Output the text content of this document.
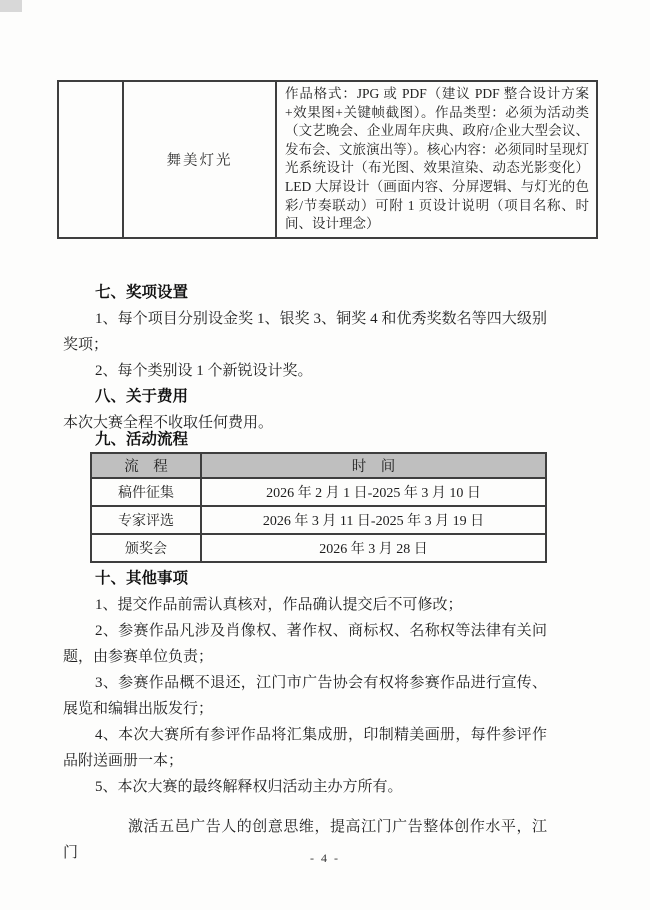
	舞美灯光	作品格式：JPG 或 PDF（建议 PDF 整合设计方案+效果图+关键帧截图）。作品类型：必须为活动类（文艺晚会、企业周年庆典、政府/企业大型会议、发布会、文旅演出等）。核心内容：必须同时呈现灯光系统设计（布光图、效果渲染、动态光影变化）LED 大屏设计（画面内容、分屏逻辑、与灯光的色彩/节奏联动）可附 1 页设计说明（项目名称、时间、设计理念）
七、奖项设置

1、每个项目分别设金奖 1、银奖 3、铜奖 4 和优秀奖数名等四大级别奖项；

2、每个类别设 1 个新锐设计奖。

八、关于费用

本次大赛全程不收取任何费用。

九、活动流程
流　程	时　间
稿件征集	2026 年 2 月 1 日-2025 年 3 月 10 日
专家评选	2026 年 3 月 11 日-2025 年 3 月 19 日
颁奖会	2026 年 3 月 28 日
十、其他事项

1、提交作品前需认真核对，作品确认提交后不可修改；

2、参赛作品凡涉及肖像权、著作权、商标权、名称权等法律有关问题，由参赛单位负责；

3、参赛作品概不退还，江门市广告协会有权将参赛作品进行宣传、展览和编辑出版发行；

4、本次大赛所有参评作品将汇集成册，印制精美画册，每件参评作品附送画册一本；

5、本次大赛的最终解释权归活动主办方所有。

激活五邑广告人的创意思维，提高江门广告整体创作水平，江门	- 4 -
